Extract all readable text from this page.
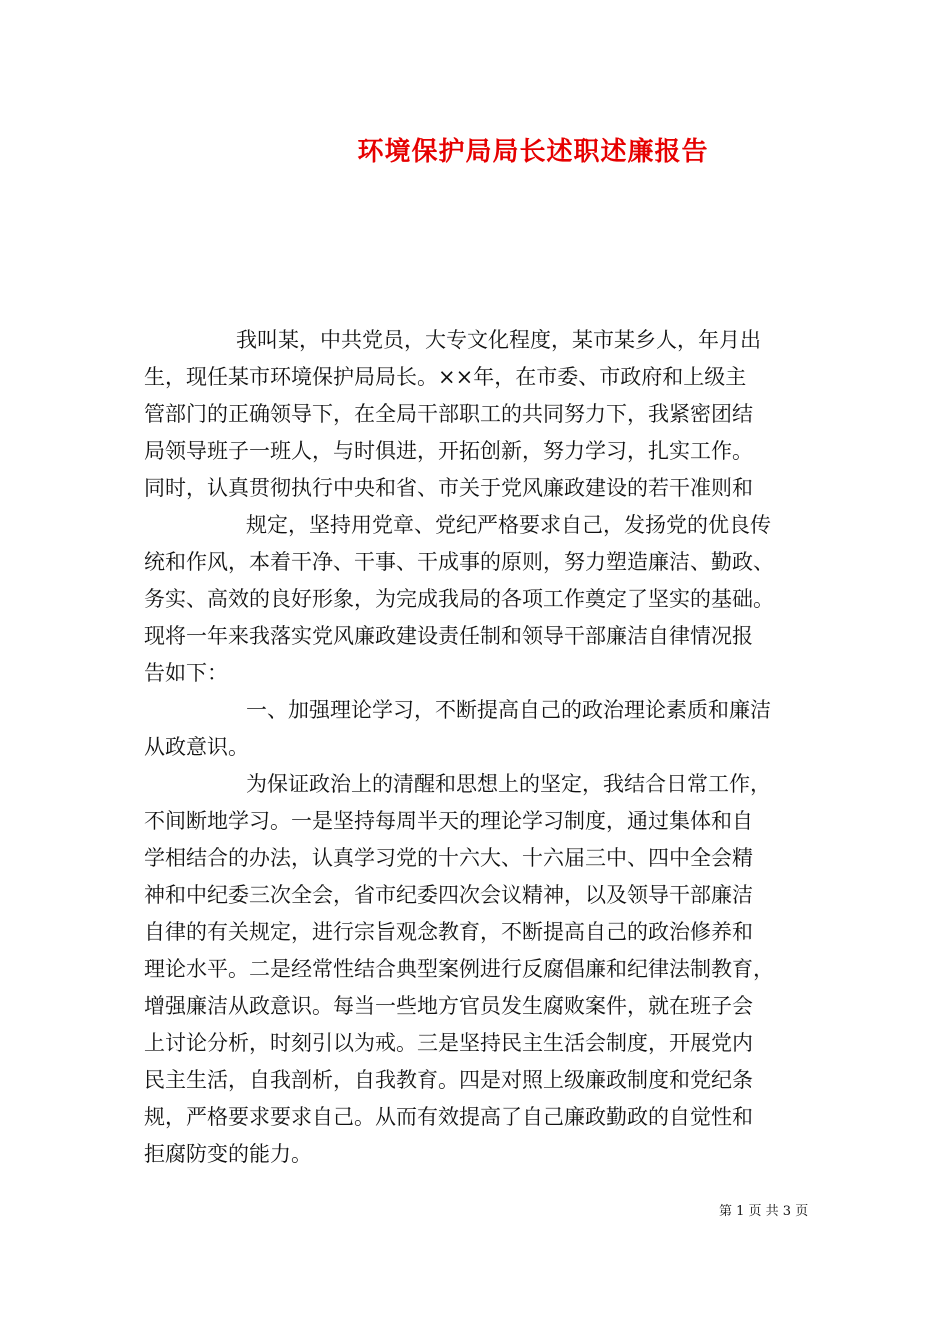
环境保护局局长述职述廉报告
我叫某，中共党员，大专文化程度，某市某乡人，年月出
生，现任某市环境保护局局长。××年，在市委、市政府和上级主
管部门的正确领导下，在全局干部职工的共同努力下，我紧密团结
局领导班子一班人，与时俱进，开拓创新，努力学习，扎实工作。
同时，认真贯彻执行中央和省、市关于党风廉政建设的若干准则和
规定，坚持用党章、党纪严格要求自己，发扬党的优良传
统和作风，本着干净、干事、干成事的原则，努力塑造廉洁、勤政、
务实、高效的良好形象，为完成我局的各项工作奠定了坚实的基础。
现将一年来我落实党风廉政建设责任制和领导干部廉洁自律情况报
告如下：
一、加强理论学习，不断提高自己的政治理论素质和廉洁
从政意识。
为保证政治上的清醒和思想上的坚定，我结合日常工作，
不间断地学习。一是坚持每周半天的理论学习制度，通过集体和自
学相结合的办法，认真学习党的十六大、十六届三中、四中全会精
神和中纪委三次全会，省市纪委四次会议精神，以及领导干部廉洁
自律的有关规定，进行宗旨观念教育，不断提高自己的政治修养和
理论水平。二是经常性结合典型案例进行反腐倡廉和纪律法制教育，
增强廉洁从政意识。每当一些地方官员发生腐败案件，就在班子会
上讨论分析，时刻引以为戒。三是坚持民主生活会制度，开展党内
民主生活，自我剖析，自我教育。四是对照上级廉政制度和党纪条
规，严格要求要求自己。从而有效提高了自己廉政勤政的自觉性和
拒腐防变的能力。
第 1 页 共 3 页
